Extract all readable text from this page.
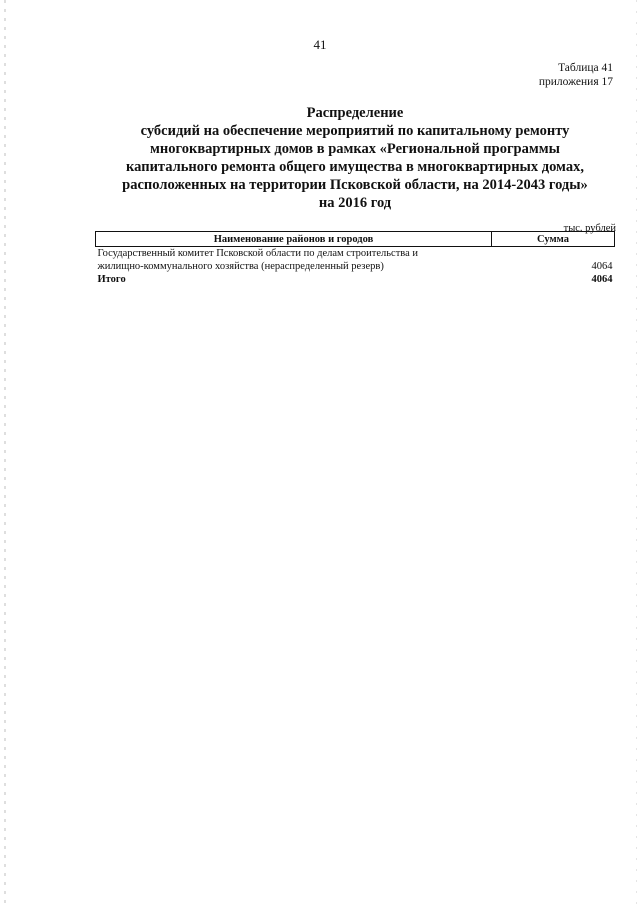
41
Таблица 41
приложения 17
Распределение
субсидий на обеспечение мероприятий по капитальному ремонту
многоквартирных домов в рамках «Региональной программы
капитального ремонта общего имущества в многоквартирных домах,
расположенных на территории Псковской области, на 2014-2043 годы»
на 2016 год
тыс. рублей
Наименование районов и городов	Сумма

Государственный комитет Псковской области по делам строительства и
жилищно-коммунального хозяйства (нераспределенный резерв)	4064
Итого	4064
